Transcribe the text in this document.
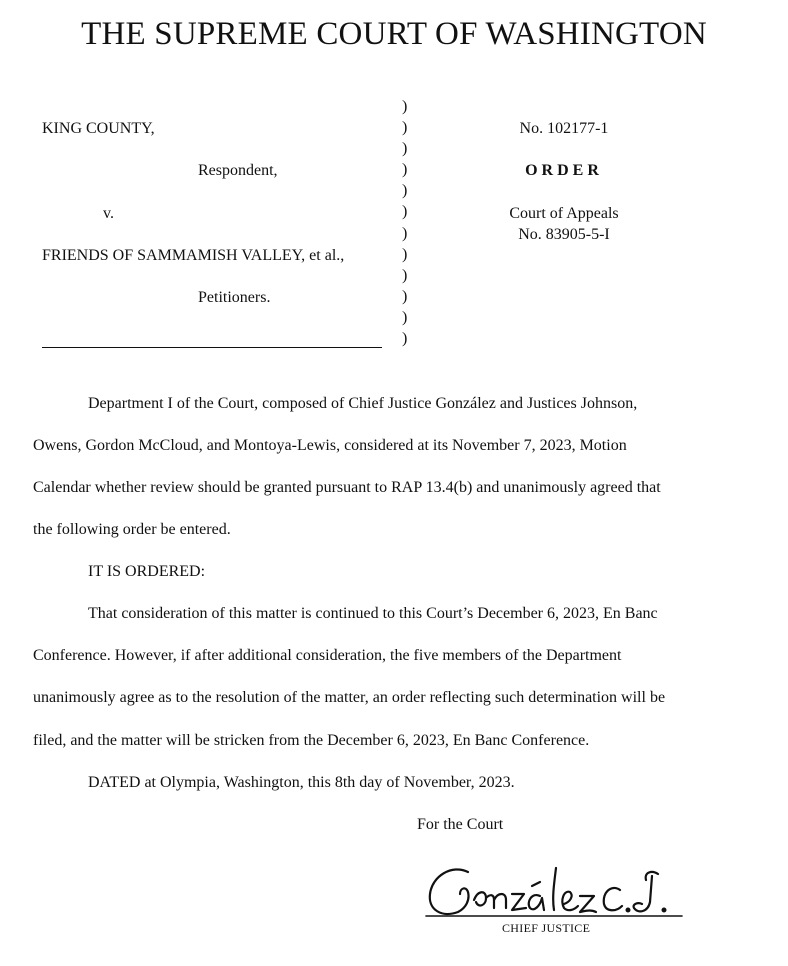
THE SUPREME COURT OF WASHINGTON
KING COUNTY,
Respondent,
v.
FRIENDS OF SAMMAMISH VALLEY, et al.,
Petitioners.
)
)
)
)
)
)
)
)
)
)
)
)
No. 102177-1
ORDER
Court of Appeals
No. 83905-5-I
Department I of the Court, composed of Chief Justice González and Justices Johnson,
Owens, Gordon McCloud, and Montoya-Lewis, considered at its November 7, 2023, Motion
Calendar whether review should be granted pursuant to RAP 13.4(b) and unanimously agreed that
the following order be entered.
IT IS ORDERED:
That consideration of this matter is continued to this Court’s December 6, 2023, En Banc
Conference. However, if after additional consideration, the five members of the Department
unanimously agree as to the resolution of the matter, an order reflecting such determination will be
filed, and the matter will be stricken from the December 6, 2023, En Banc Conference.
DATED at Olympia, Washington, this 8th day of November, 2023.
For the Court
CHIEF JUSTICE
